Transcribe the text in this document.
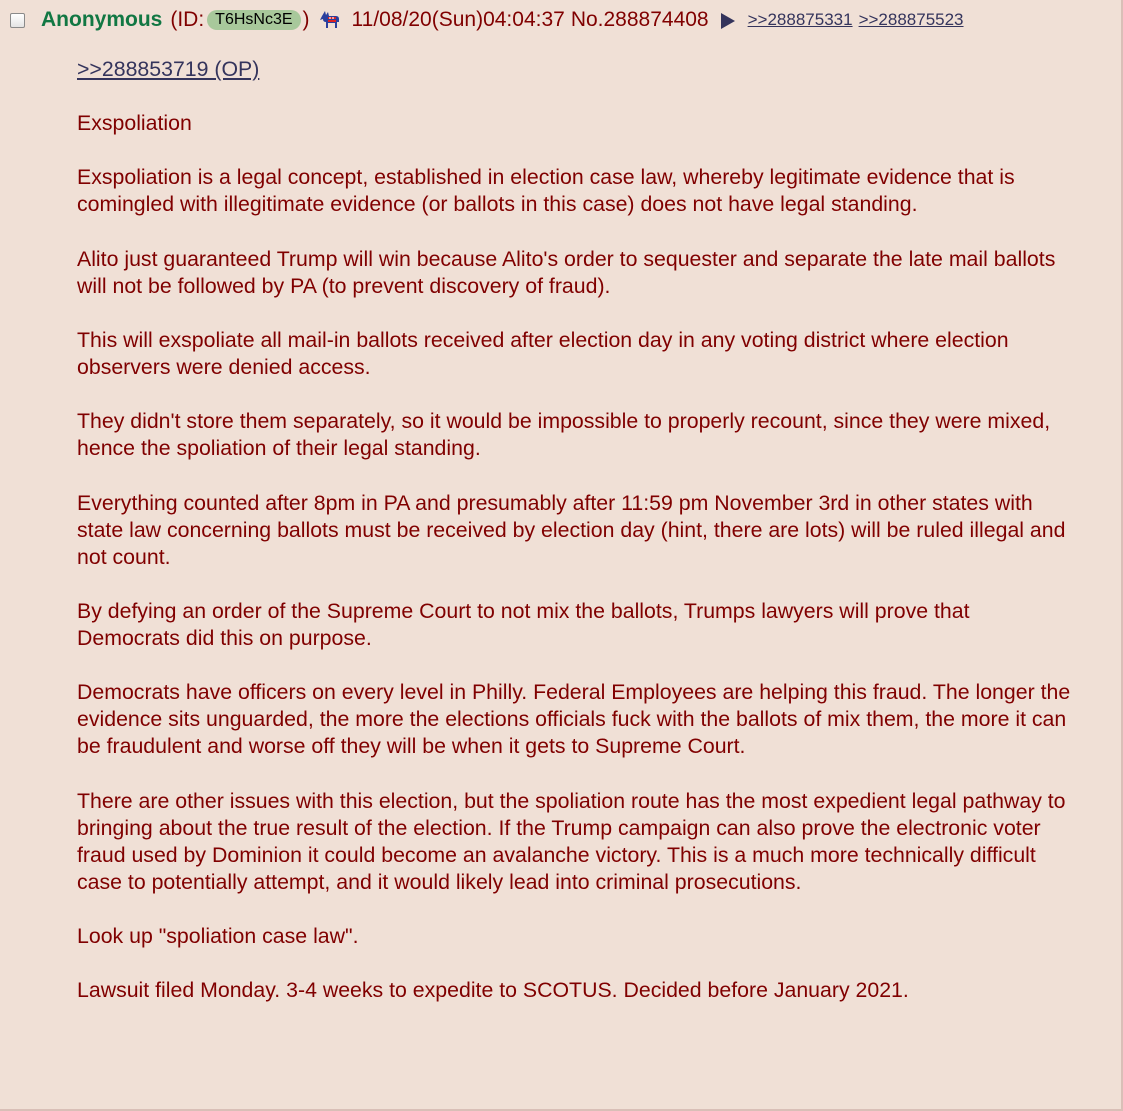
Anonymous (ID: T6HsNc3E ) 11/08/20(Sun)04:04:37 No.288874408 >>288875331 >>288875523

>>288853719 (OP)

Exspoliation

Exspoliation is a legal concept, established in election case law, whereby legitimate evidence that is comingled with illegitimate evidence (or ballots in this case) does not have legal standing.

Alito just guaranteed Trump will win because Alito's order to sequester and separate the late mail ballots will not be followed by PA (to prevent discovery of fraud).

This will exspoliate all mail-in ballots received after election day in any voting district where election observers were denied access.

They didn't store them separately, so it would be impossible to properly recount, since they were mixed, hence the spoliation of their legal standing.

Everything counted after 8pm in PA and presumably after 11:59 pm November 3rd in other states with state law concerning ballots must be received by election day (hint, there are lots) will be ruled illegal and not count.

By defying an order of the Supreme Court to not mix the ballots, Trumps lawyers will prove that Democrats did this on purpose.

Democrats have officers on every level in Philly. Federal Employees are helping this fraud. The longer the evidence sits unguarded, the more the elections officials fuck with the ballots of mix them, the more it can be fraudulent and worse off they will be when it gets to Supreme Court.

There are other issues with this election, but the spoliation route has the most expedient legal pathway to bringing about the true result of the election. If the Trump campaign can also prove the electronic voter fraud used by Dominion it could become an avalanche victory. This is a much more technically difficult case to potentially attempt, and it would likely lead into criminal prosecutions.

Look up "spoliation case law".

Lawsuit filed Monday. 3-4 weeks to expedite to SCOTUS. Decided before January 2021.
